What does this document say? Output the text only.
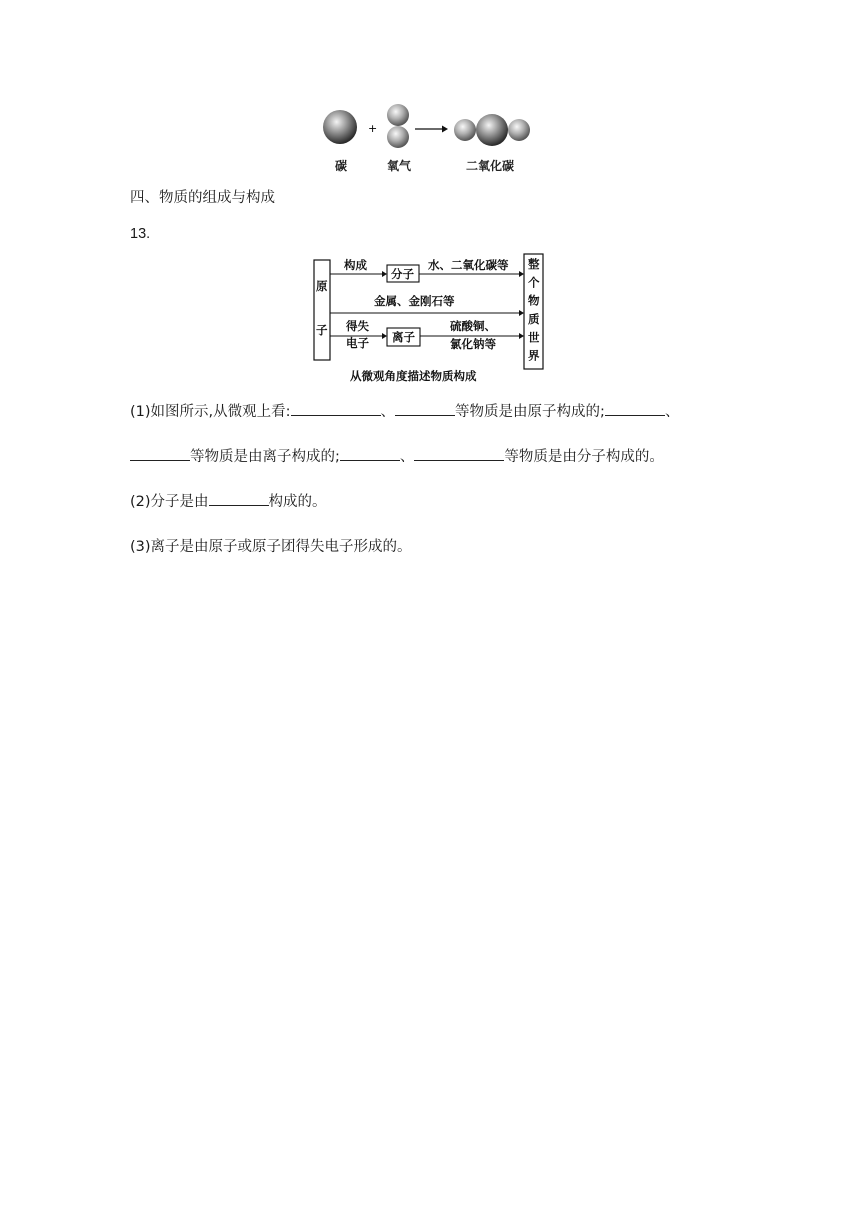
+
碳	氧气	二氧化碳
四、物质的组成与构成
13.
原
子
整
个
物
质
世
界
构成
分子
水、二氧化碳等
金属、金刚石等
得失
电子 离子
硫酸铜、
氯化钠等
从微观角度描述物质构成
(1)如图所示,从微观上看:	、	等物质是由原子构成的;	、
等物质是由离子构成的;	、	等物质是由分子构成的。
(2)分子是由	构成的。
(3)离子是由原子或原子团得失电子形成的。
